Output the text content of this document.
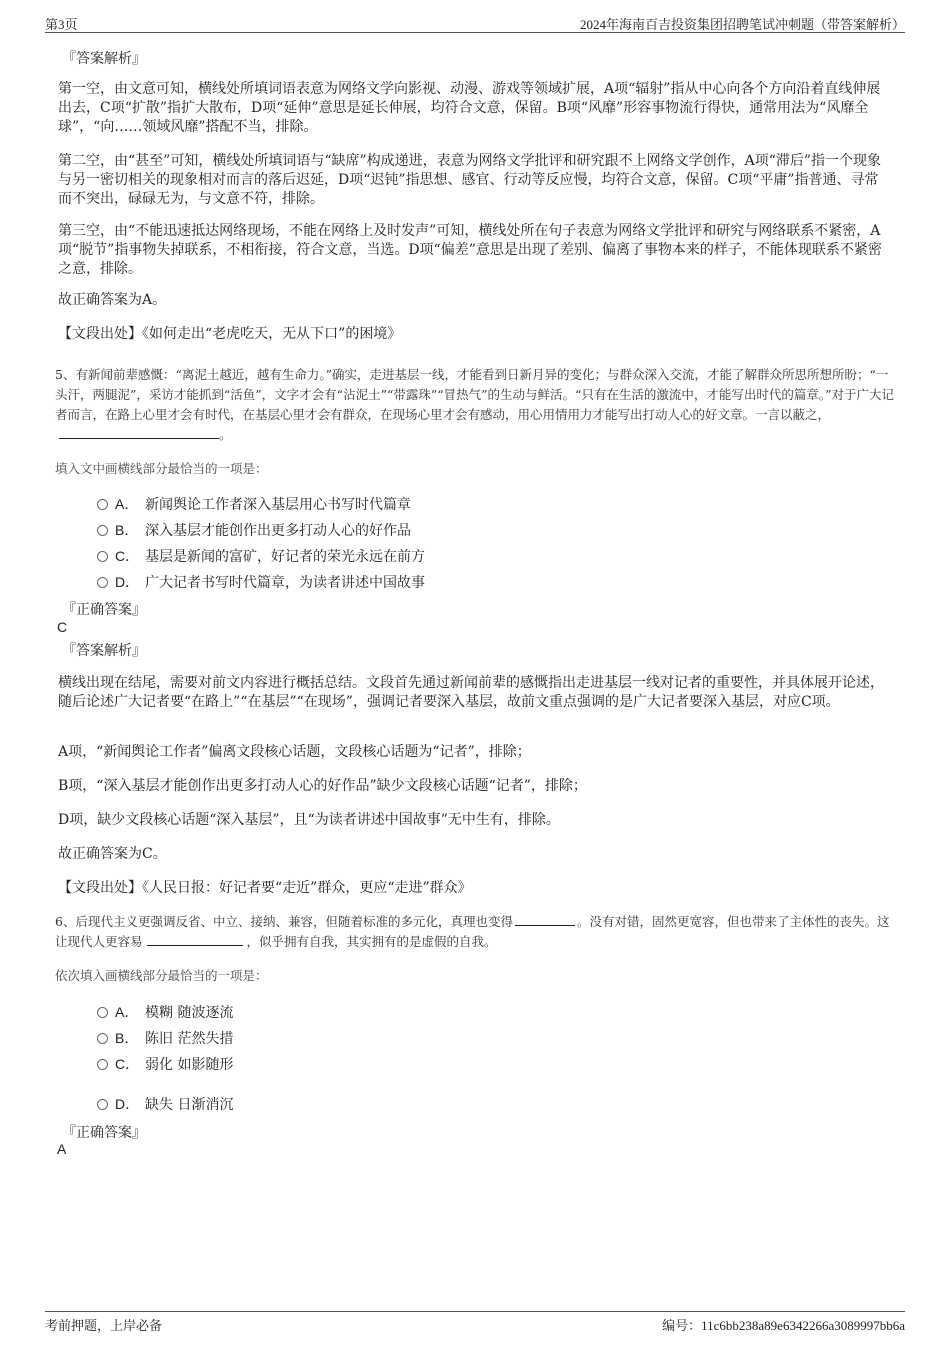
第3页	2024年海南百吉投资集团招聘笔试冲刺题（带答案解析）
『答案解析』
第一空，由文意可知，横线处所填词语表意为网络文学向影视、动漫、游戏等领域扩展，A项“辐射”指从中心向各个方向沿着直线伸展出去，C项“扩散”指扩大散布，D项“延伸”意思是延长伸展，均符合文意，保留。B项“风靡”形容事物流行得快，通常用法为“风靡全球”，“向……领域风靡”搭配不当，排除。
第二空，由“甚至”可知，横线处所填词语与“缺席”构成递进，表意为网络文学批评和研究跟不上网络文学创作，A项“滞后”指一个现象与另一密切相关的现象相对而言的落后迟延，D项“迟钝”指思想、感官、行动等反应慢，均符合文意，保留。C项“平庸”指普通、寻常而不突出，碌碌无为，与文意不符，排除。
第三空，由“不能迅速抵达网络现场，不能在网络上及时发声”可知，横线处所在句子表意为网络文学批评和研究与网络联系不紧密，A项“脱节”指事物失掉联系，不相衔接，符合文意，当选。D项“偏差”意思是出现了差别、偏离了事物本来的样子，不能体现联系不紧密之意，排除。
故正确答案为A。
【文段出处】《如何走出“老虎吃天，无从下口”的困境》
5、有新闻前辈感慨：“离泥土越近，越有生命力。”确实，走进基层一线，才能看到日新月异的变化；与群众深入交流，才能了解群众所思所想所盼；“一头汗，两腿泥”，采访才能抓到“活鱼”，文字才会有“沾泥土”“带露珠”“冒热气”的生动与鲜活。“只有在生活的激流中，才能写出时代的篇章。”对于广大记者而言，在路上心里才会有时代，在基层心里才会有群众，在现场心里才会有感动，用心用情用力才能写出打动人心的好文章。一言以蔽之，。
填入文中画横线部分最恰当的一项是：
A． 新闻舆论工作者深入基层用心书写时代篇章
B． 深入基层才能创作出更多打动人心的好作品
C． 基层是新闻的富矿，好记者的荣光永远在前方
D． 广大记者书写时代篇章，为读者讲述中国故事
『正确答案』
C
『答案解析』
横线出现在结尾，需要对前文内容进行概括总结。文段首先通过新闻前辈的感慨指出走进基层一线对记者的重要性，并具体展开论述，随后论述广大记者要“在路上”“在基层”“在现场”，强调记者要深入基层，故前文重点强调的是广大记者要深入基层，对应C项。
A项，“新闻舆论工作者”偏离文段核心话题，文段核心话题为“记者”，排除；
B项，“深入基层才能创作出更多打动人心的好作品”缺少文段核心话题“记者”，排除；
D项，缺少文段核心话题“深入基层”，且“为读者讲述中国故事”无中生有，排除。
故正确答案为C。
【文段出处】《人民日报：好记者要“走近”群众，更应“走进”群众》
6、后现代主义更强调反省、中立、接纳、兼容，但随着标准的多元化，真理也变得	。没有对错，固然更宽容，但也带来了主体性的丧失。这让现代人更容易	，似乎拥有自我，其实拥有的是虚假的自我。
依次填入画横线部分最恰当的一项是：
A． 模糊 随波逐流
B． 陈旧 茫然失措
C． 弱化 如影随形
D． 缺失 日渐消沉
『正确答案』
A
考前押题，上岸必备	编号：11c6bb238a89e6342266a3089997bb6a
